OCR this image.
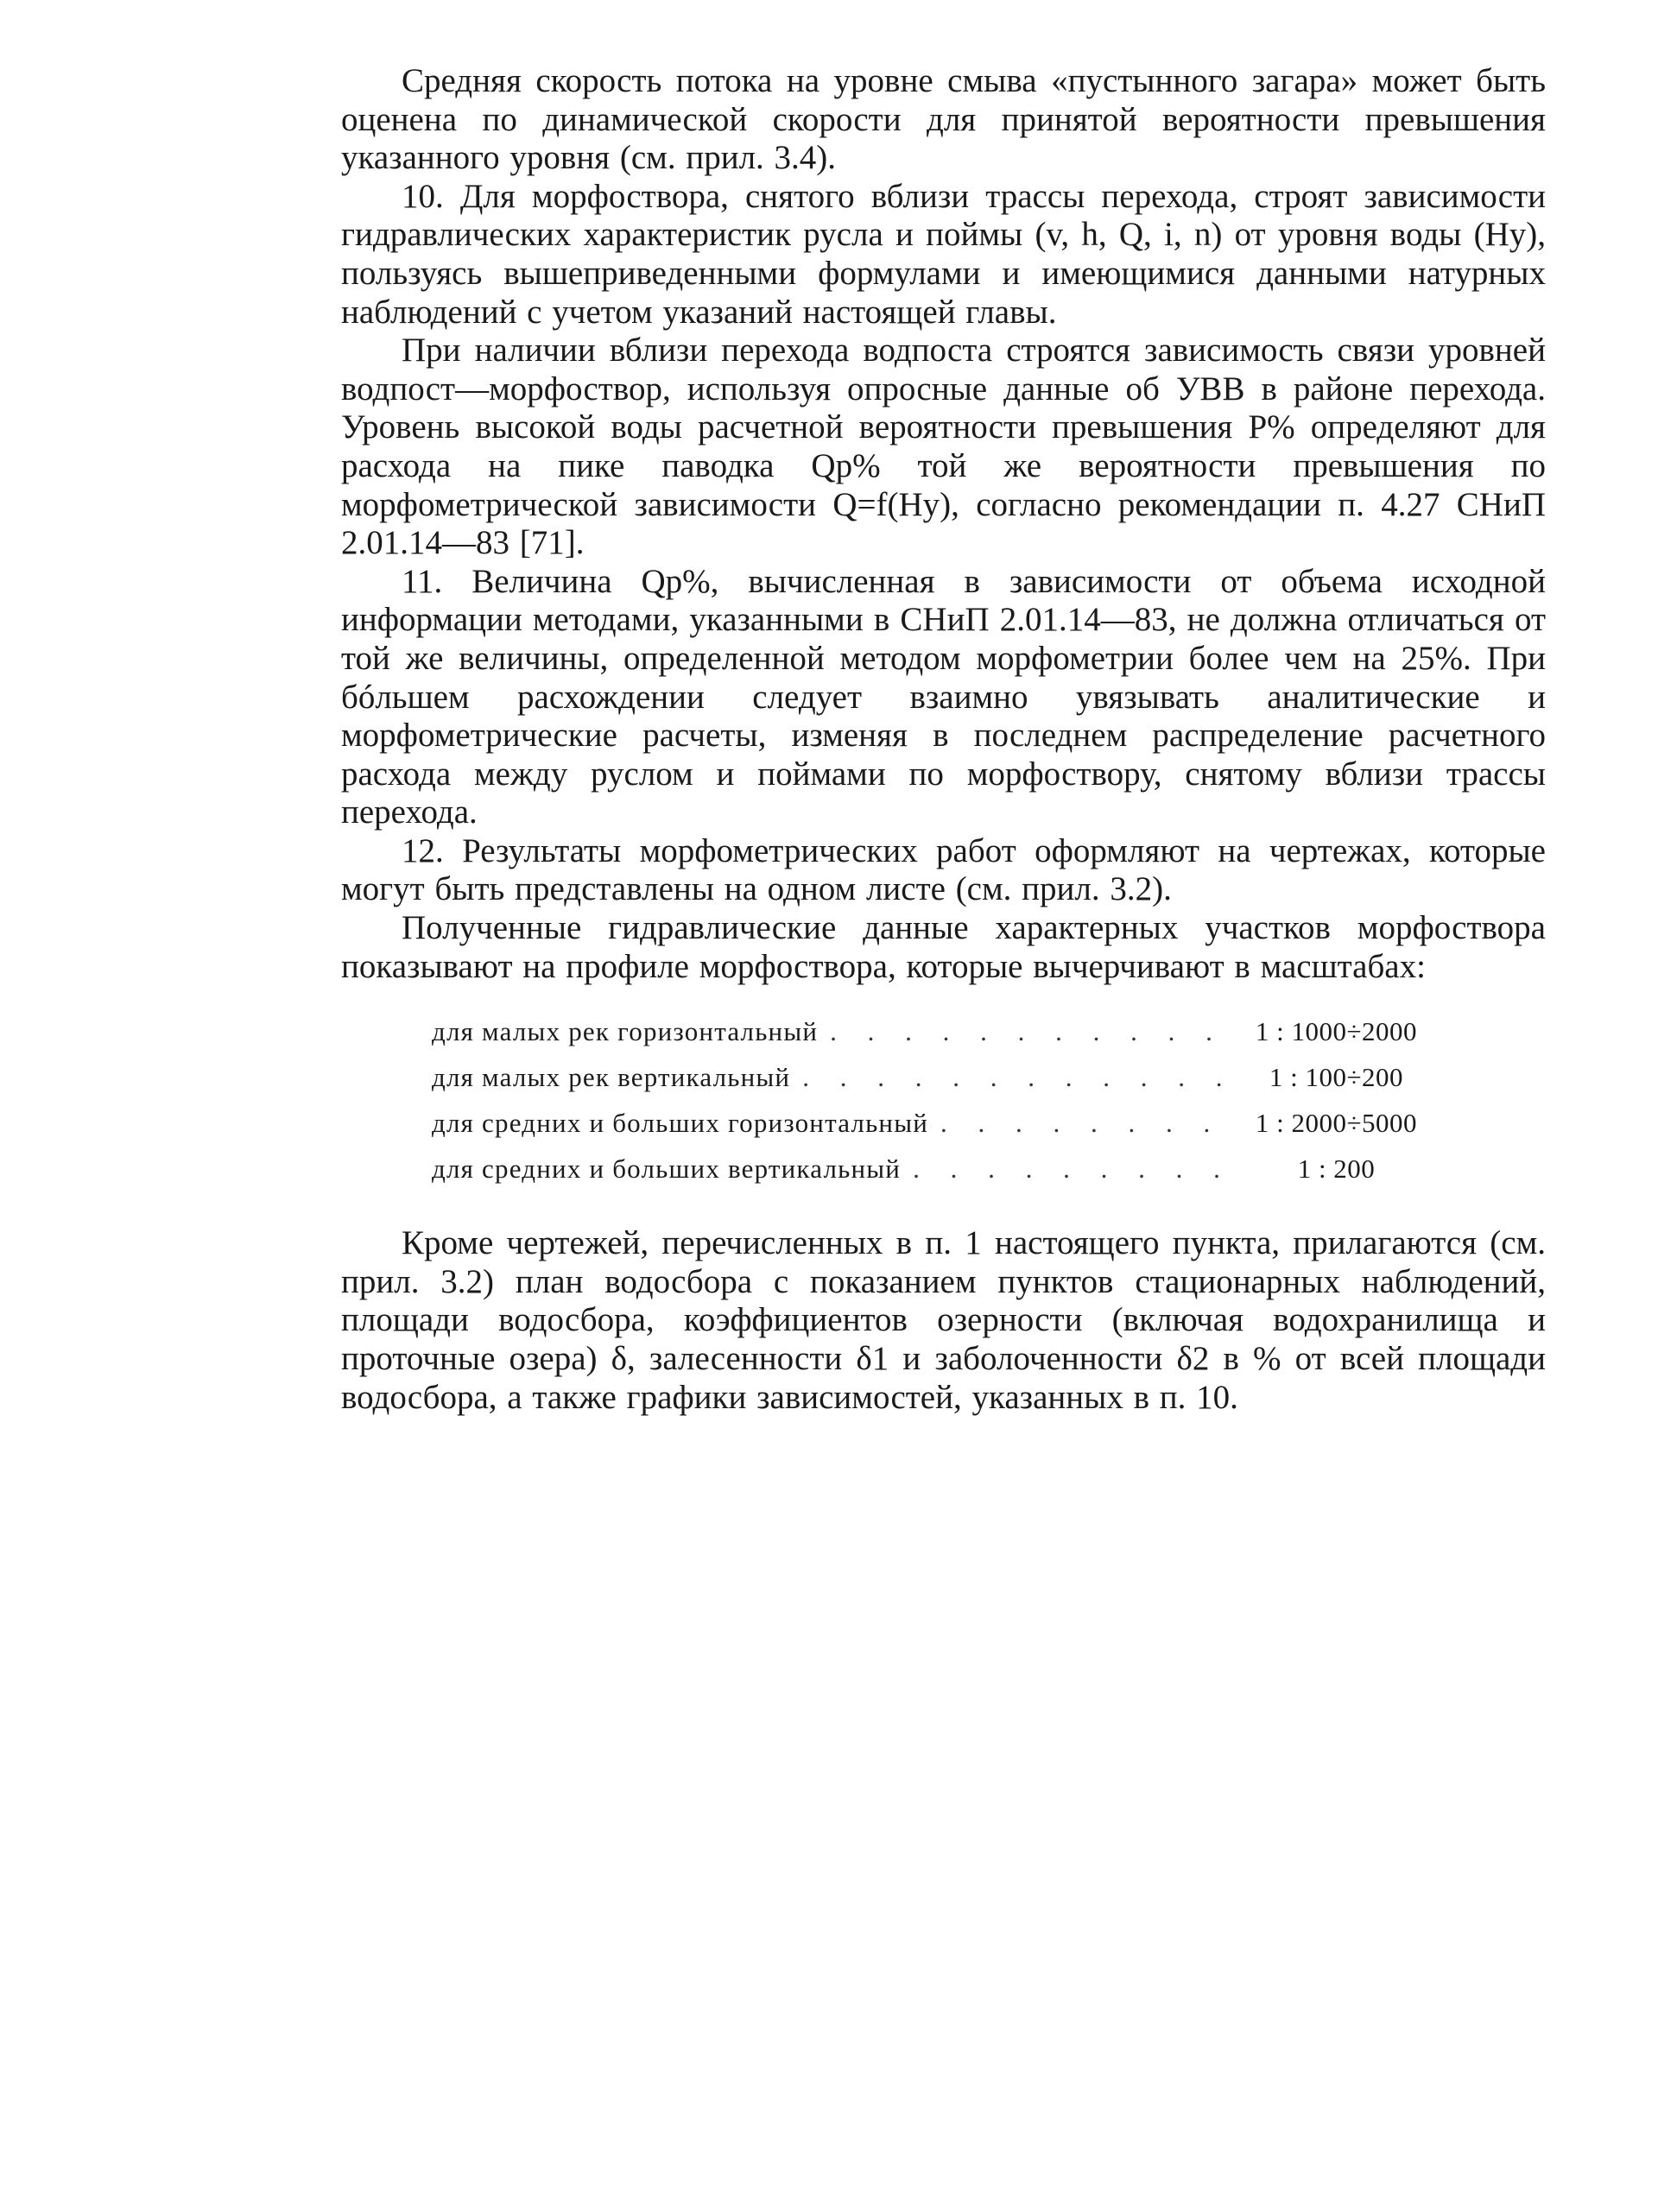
Средняя скорость потока на уровне смыва «пустынного загара» может быть оценена по динамической скорости для принятой вероятности превышения указанного уровня (см. прил. 3.4).

10. Для морфоствора, снятого вблизи трассы перехода, строят зависимости гидравлических характеристик русла и поймы (v, h, Q, i, n) от уровня воды (Hу), пользуясь вышеприведенными формулами и имеющимися данными натурных наблюдений с учетом указаний настоящей главы.

При наличии вблизи перехода водпоста строятся зависимость связи уровней водпост—морфоствор, используя опросные данные об УВВ в районе перехода. Уровень высокой воды расчетной вероятности превышения P% определяют для расхода на пике паводка Qp% той же вероятности превышения по морфометрической зависимости Q=f(Hу), согласно рекомендации п. 4.27 СНиП 2.01.14—83 [71].

11. Величина Qp%, вычисленная в зависимости от объема исходной информации методами, указанными в СНиП 2.01.14—83, не должна отличаться от той же величины, определенной методом морфометрии более чем на 25%. При бóльшем расхождении следует взаимно увязывать аналитические и морфометрические расчеты, изменяя в последнем распределение расчетного расхода между руслом и поймами по морфоствору, снятому вблизи трассы перехода.

12. Результаты морфометрических работ оформляют на чертежах, которые могут быть представлены на одном листе (см. прил. 3.2).

Полученные гидравлические данные характерных участков морфоствора показывают на профиле морфоствора, которые вычерчивают в масштабах:

для малых рек горизонтальный . . .	1 : 1000÷2000
для малых рек вертикальный . . .	1 : 100÷200
для средних и больших горизонтальный . . .	1 : 2000÷5000
для средних и больших вертикальный . . .	1 : 200

Кроме чертежей, перечисленных в п. 1 настоящего пункта, прилагаются (см. прил. 3.2) план водосбора с показанием пунктов стационарных наблюдений, площади водосбора, коэффициентов озерности (включая водохранилища и проточные озера) δ, залесенности δ1 и заболоченности δ2 в % от всей площади водосбора, а также графики зависимостей, указанных в п. 10.
